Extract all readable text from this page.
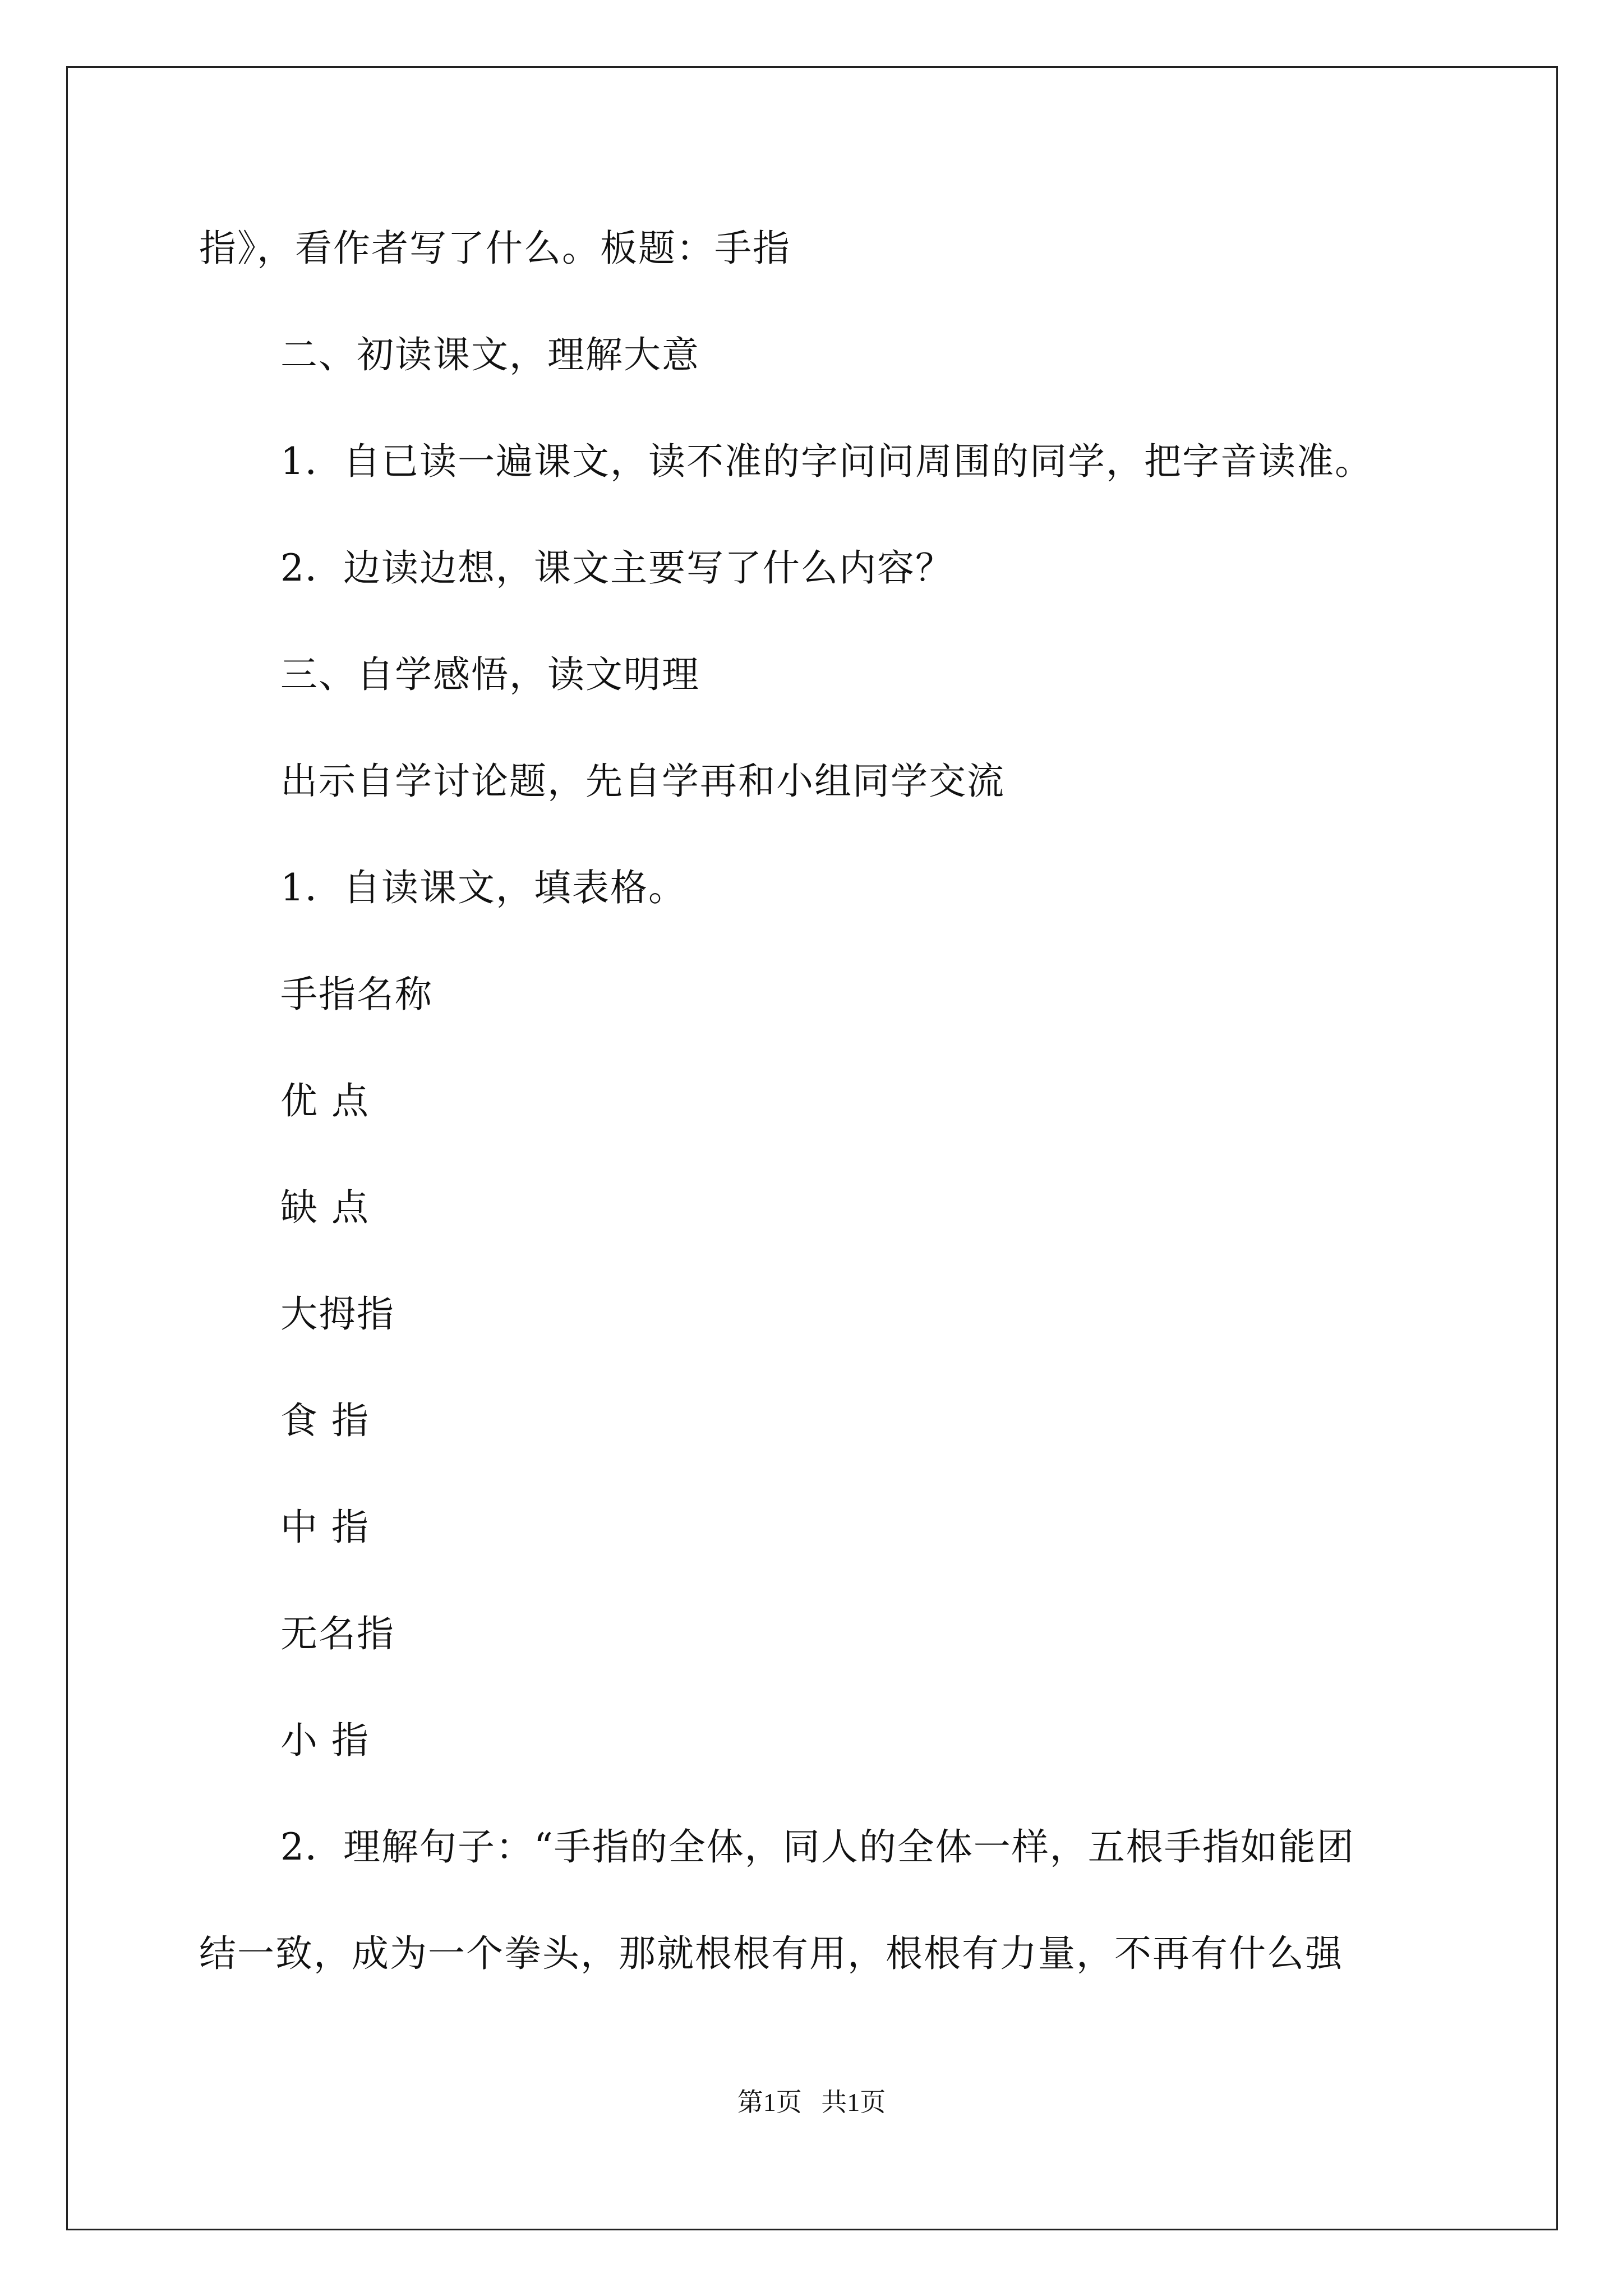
指》，看作者写了什么。板题：手指
二、初读课文，理解大意
1．自已读一遍课文，读不准的字问问周围的同学，把字音读准。
2．边读边想，课文主要写了什么内容？
三、自学感悟，读文明理
出示自学讨论题，先自学再和小组同学交流
1．自读课文，填表格。
手指名称
优 点
缺 点
大拇指
食 指
中 指
无名指
小 指
2．理解句子：“手指的全体，同人的全体一样，五根手指如能团
结一致，成为一个拳头，那就根根有用，根根有力量，不再有什么强
第1页   共1页
